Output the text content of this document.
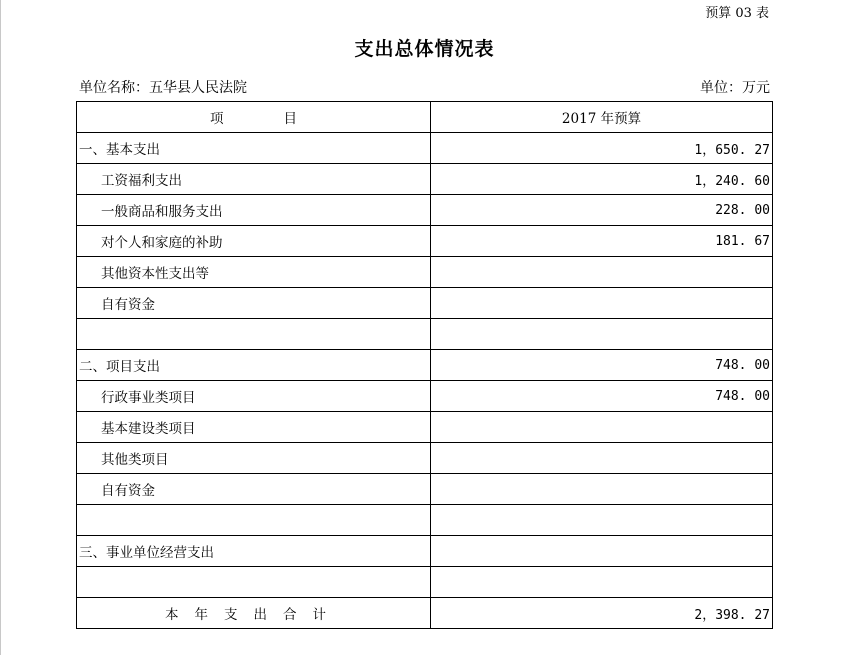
预算 03 表
支出总体情况表
单位名称：五华县人民法院	单位：万元
项 目	2017 年预算
一、基本支出	1，650. 27
工资福利支出	1，240. 60
一般商品和服务支出	228. 00
对个人和家庭的补助	181. 67
其他资本性支出等	
自有资金	

二、项目支出	748. 00
行政事业类项目	748. 00
基本建设类项目	
其他类项目	
自有资金	

三、事业单位经营支出	

本年支出合计	2，398. 27
